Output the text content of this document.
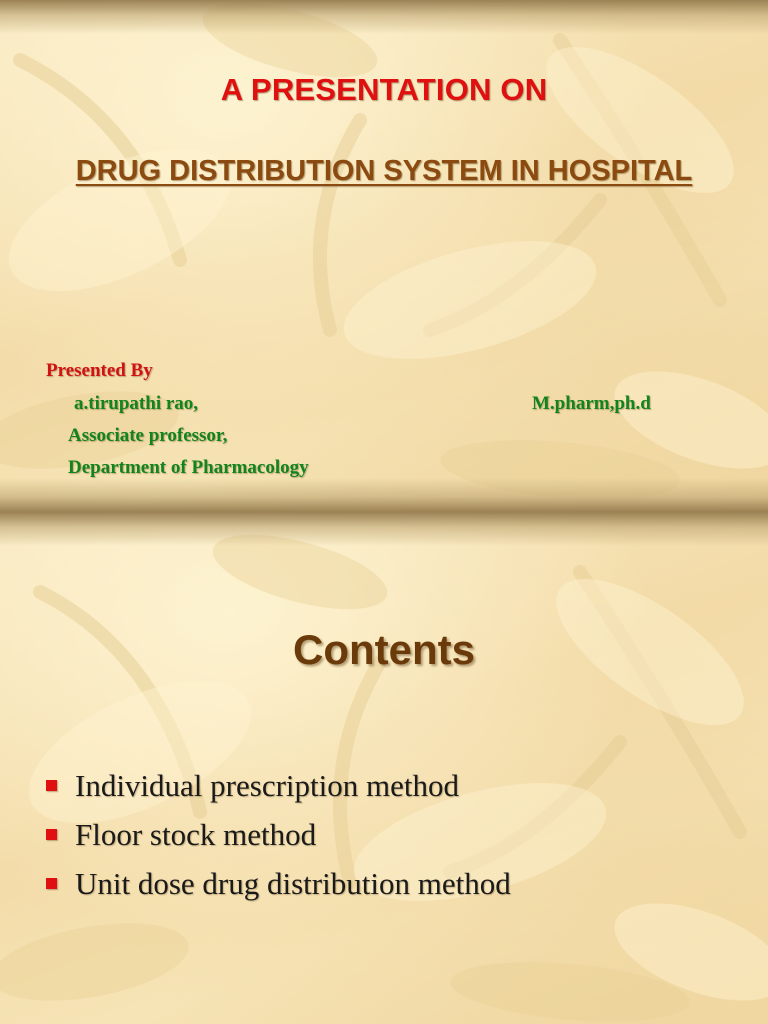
A PRESENTATION ON
DRUG DISTRIBUTION SYSTEM IN HOSPITAL
Presented By
a.tirupathi rao,	M.pharm,ph.d
Associate professor,
Department of Pharmacology
Contents
Individual prescription method
Floor stock method
Unit dose drug distribution method
